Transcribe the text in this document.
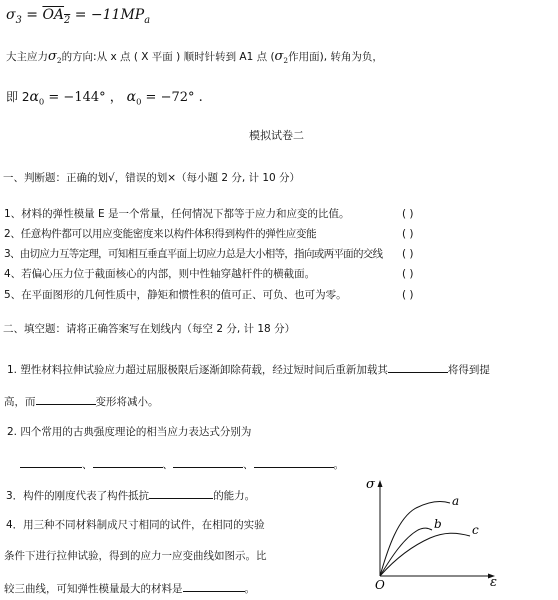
$\sigma_3 = OA_2 = -11MP_a$
大主应力$\sigma_2$的方向:从 x 点 ( X 平面 ) 顺时针转到 A1 点 ($\sigma_2$作用面), 转角为负，
即 $2\alpha_0 = -144^\circ$ ， $\alpha_0 = -72^\circ$ .
模拟试卷二
一、判断题：正确的划√，错误的划×（每小题 2 分, 计 10 分）
1、材料的弹性模量 E 是一个常量，任何情况下都等于应力和应变的比值。	( )
2、任意构件都可以用应变能密度来以构件体积得到构件的弹性应变能	( )
3、由切应力互等定理，可知相互垂直平面上切应力总是大小相等，指向或两平面的交线 ( )
4、若偏心压力位于截面核心的内部，则中性轴穿越杆件的横截面。	( )
5、在平面图形的几何性质中，静矩和惯性积的值可正、可负、也可为零。	( )
二、填空题：请将正确答案写在划线内（每空 2 分, 计 18 分）
1. 塑性材料拉伸试验应力超过屈服极限后逐渐卸除荷载，经过短时间后重新加载其	将得到提
高，而	变形将减小。
2. 四个常用的古典强度理论的相当应力表达式分别为
、	、	、	。
3．构件的刚度代表了构件抵抗	的能力。
4．用三种不同材料制成尺寸相同的试件，在相同的实验
条件下进行拉伸试验，得到的应力一应变曲线如图示。比
较三曲线，可知弹性模量最大的材料是	。
σ
ε
O
a
b	c
